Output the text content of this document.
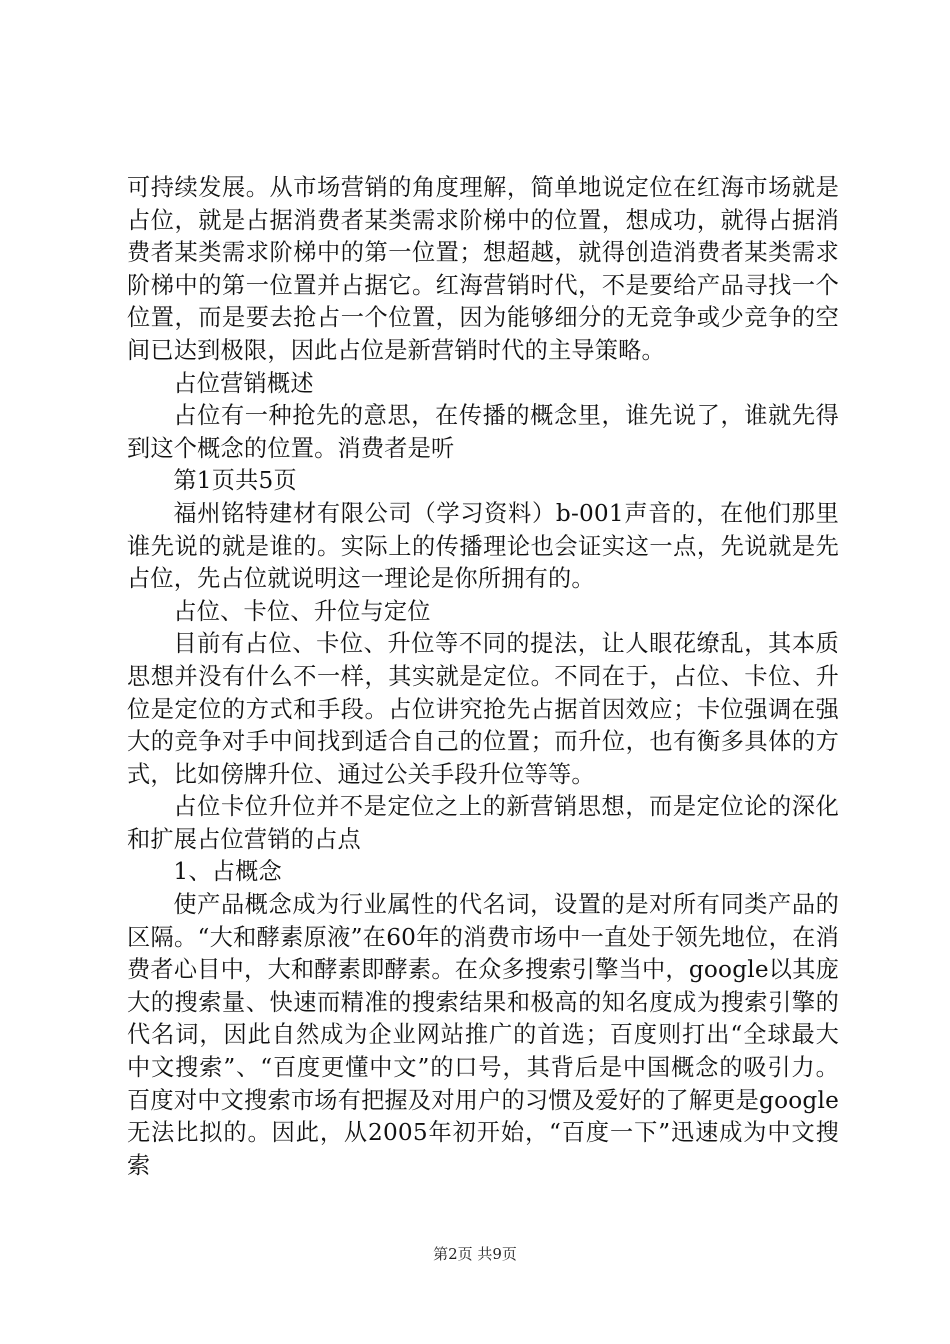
可持续发展。从市场营销的角度理解，简单地说定位在红海市场就是占位，就是占据消费者某类需求阶梯中的位置，想成功，就得占据消费者某类需求阶梯中的第一位置；想超越，就得创造消费者某类需求阶梯中的第一位置并占据它。红海营销时代，不是要给产品寻找一个位置，而是要去抢占一个位置，因为能够细分的无竞争或少竞争的空间已达到极限，因此占位是新营销时代的主导策略。

占位营销概述

占位有一种抢先的意思，在传播的概念里，谁先说了，谁就先得到这个概念的位置。消费者是听

第1页共5页

福州铭特建材有限公司（学习资料）b-001声音的，在他们那里谁先说的就是谁的。实际上的传播理论也会证实这一点，先说就是先占位，先占位就说明这一理论是你所拥有的。

占位、卡位、升位与定位

目前有占位、卡位、升位等不同的提法，让人眼花缭乱，其本质思想并没有什么不一样，其实就是定位。不同在于，占位、卡位、升位是定位的方式和手段。占位讲究抢先占据首因效应；卡位强调在强大的竞争对手中间找到适合自己的位置；而升位，也有衡多具体的方式，比如傍牌升位、通过公关手段升位等等。

占位卡位升位并不是定位之上的新营销思想，而是定位论的深化和扩展占位营销的占点

1、占概念

使产品概念成为行业属性的代名词，设置的是对所有同类产品的区隔。“大和酵素原液”在60年的消费市场中一直处于领先地位，在消费者心目中，大和酵素即酵素。在众多搜索引擎当中，google以其庞大的搜索量、快速而精准的搜索结果和极高的知名度成为搜索引擎的代名词，因此自然成为企业网站推广的首选；百度则打出“全球最大中文搜索”、“百度更懂中文”的口号，其背后是中国概念的吸引力。百度对中文搜索市场有把握及对用户的习惯及爱好的了解更是google无法比拟的。因此，从2005年初开始，“百度一下”迅速成为中文搜索

第2页 共9页
